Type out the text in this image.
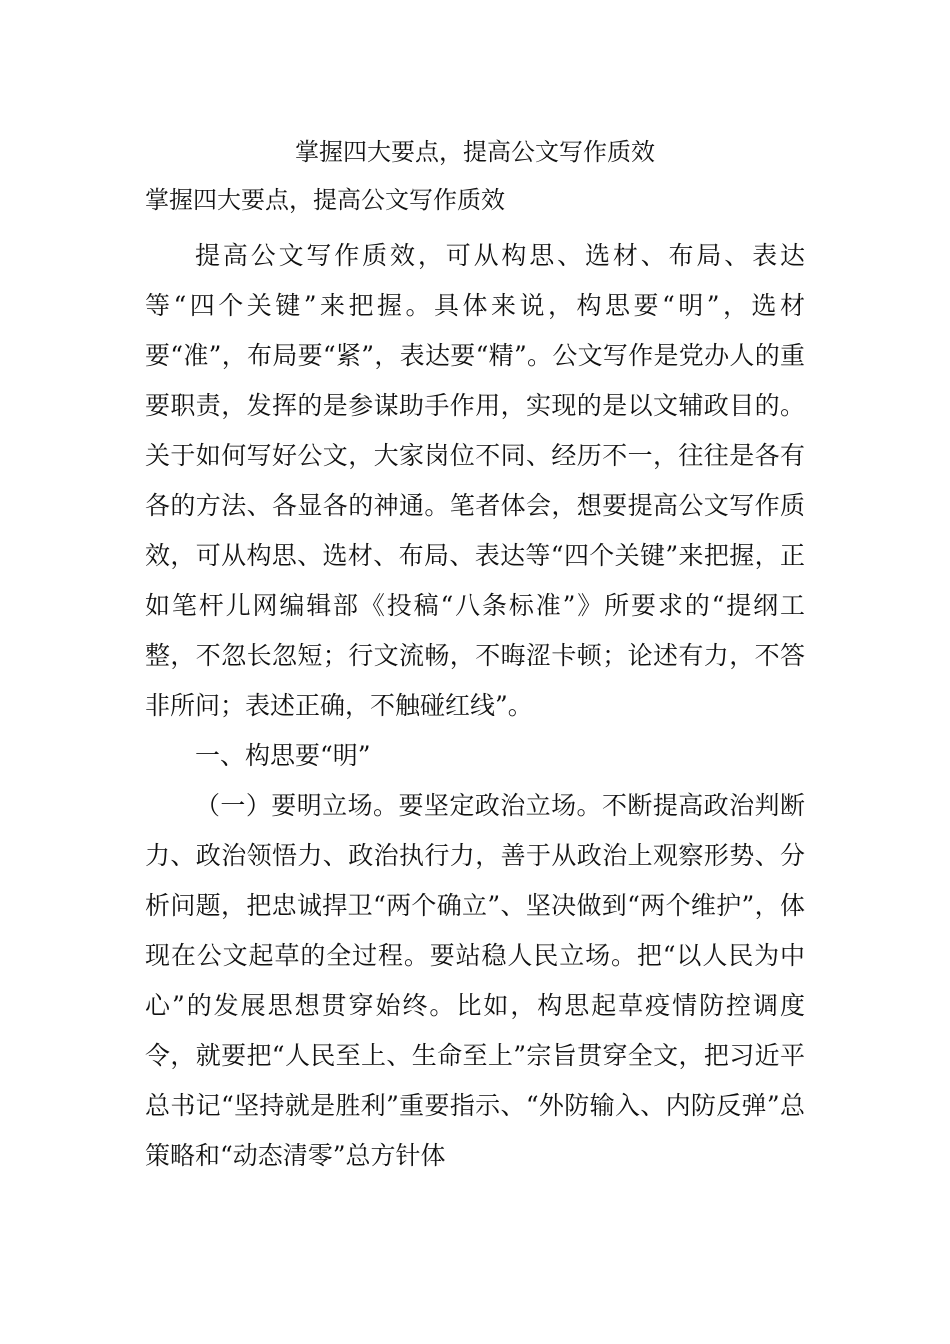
掌握四大要点，提高公文写作质效
掌握四大要点，提高公文写作质效

提高公文写作质效，可从构思、选材、布局、表达等“四个关键”来把握。具体来说，构思要“明”，选材要“准”，布局要“紧”，表达要“精”。公文写作是党办人的重要职责，发挥的是参谋助手作用，实现的是以文辅政目的。关于如何写好公文，大家岗位不同、经历不一，往往是各有各的方法、各显各的神通。笔者体会，想要提高公文写作质效，可从构思、选材、布局、表达等“四个关键”来把握，正如笔杆儿网编辑部《投稿“八条标准”》所要求的“提纲工整，不忽长忽短；行文流畅，不晦涩卡顿；论述有力，不答非所问；表述正确，不触碰红线”。

一、构思要“明”

（一）要明立场。要坚定政治立场。不断提高政治判断力、政治领悟力、政治执行力，善于从政治上观察形势、分析问题，把忠诚捍卫“两个确立”、坚决做到“两个维护”，体现在公文起草的全过程。要站稳人民立场。把“以人民为中心”的发展思想贯穿始终。比如，构思起草疫情防控调度令，就要把“人民至上、生命至上”宗旨贯穿全文，把习近平总书记“坚持就是胜利”重要指示、“外防输入、内防反弹”总策略和“动态清零”总方针体
